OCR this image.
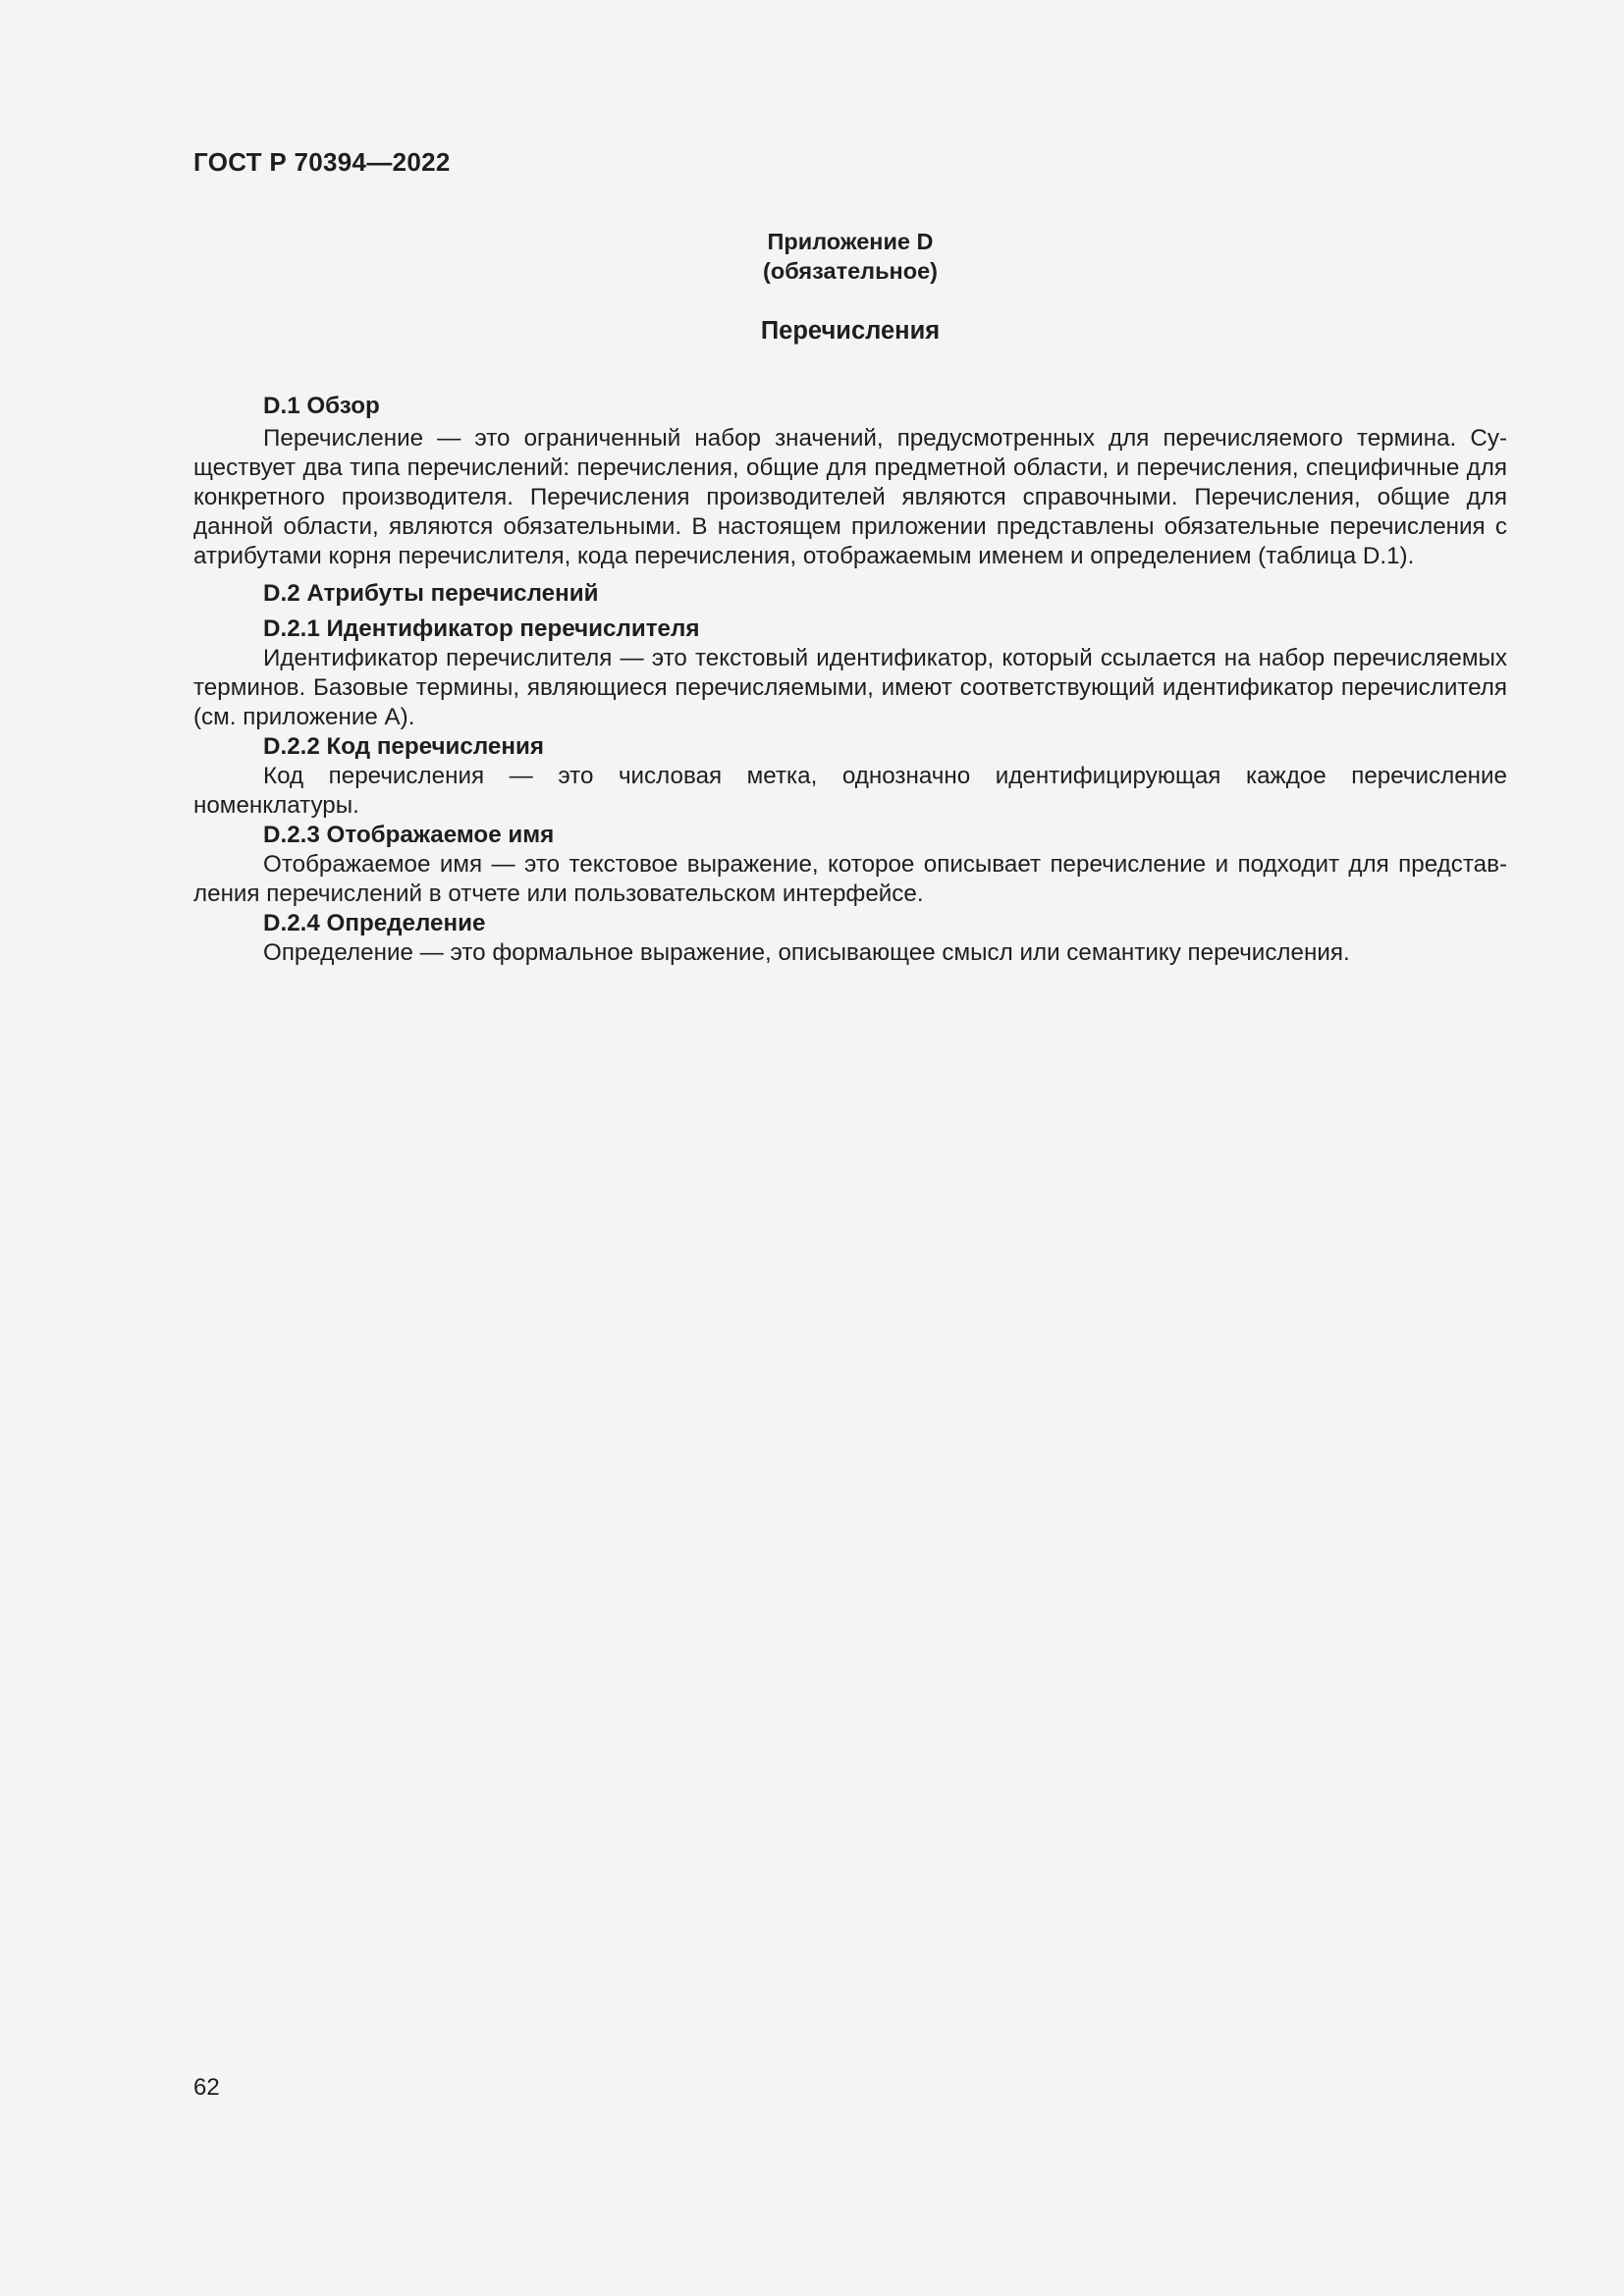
ГОСТ Р 70394—2022
Приложение D
(обязательное)
Перечисления

D.1 Обзор

Перечисление — это ограниченный набор значений, предусмотренных для перечисляемого термина. Существует два типа перечислений: перечисления, общие для предметной области, и перечисления, специфичные для конкретного производителя. Перечисления производителей являются справочными. Перечисления, общие для данной области, являются обязательными. В настоящем приложении представлены обязательные перечисления с атрибутами корня перечислителя, кода перечисления, отображаемым именем и определением (таблица D.1).

D.2 Атрибуты перечислений

D.2.1 Идентификатор перечислителя

Идентификатор перечислителя — это текстовый идентификатор, который ссылается на набор перечисляемых терминов. Базовые термины, являющиеся перечисляемыми, имеют соответствующий идентификатор перечислителя (см. приложение А).

D.2.2 Код перечисления

Код перечисления — это числовая метка, однозначно идентифицирующая каждое перечисление номенклатуры.

D.2.3 Отображаемое имя

Отображаемое имя — это текстовое выражение, которое описывает перечисление и подходит для представления перечислений в отчете или пользовательском интерфейсе.

D.2.4 Определение

Определение — это формальное выражение, описывающее смысл или семантику перечисления.

62
